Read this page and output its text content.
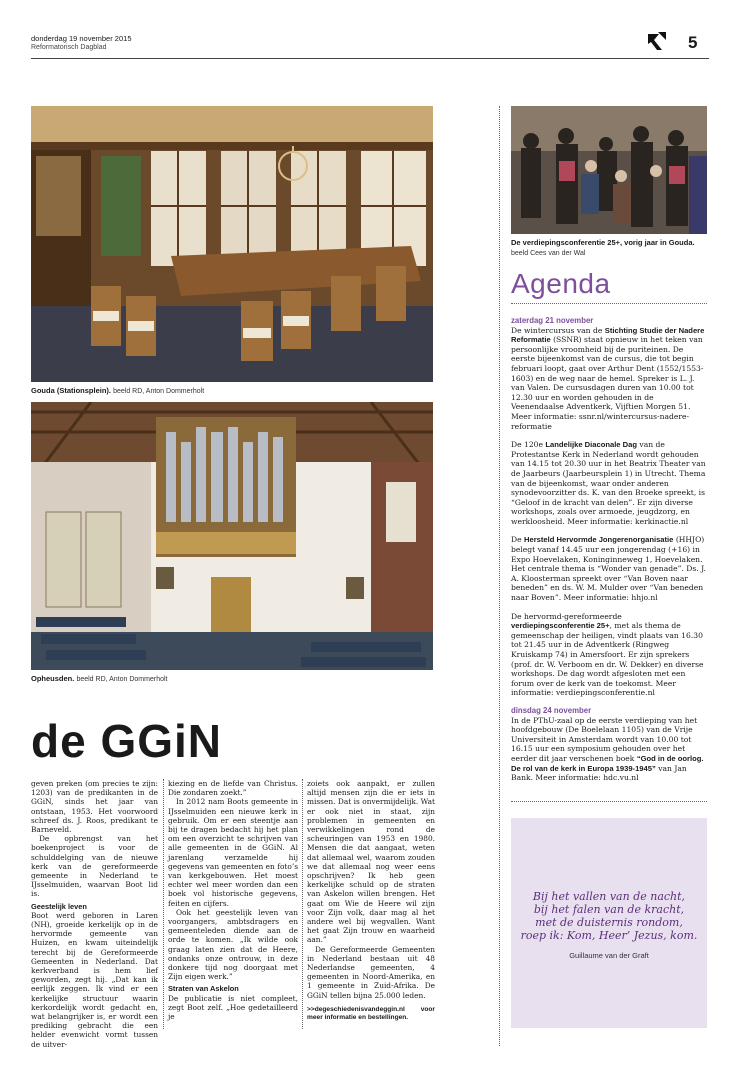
donderdag 19 november 2015
Reformatorisch Dagblad	5
Gouda (Stationsplein). beeld RD, Anton Dommerholt
Opheusden. beeld RD, Anton Dommerholt
de GGiN

geven preken (om precies te zijn: 1203) van de predikanten in de GGiN, sinds het jaar van ontstaan, 1953. Het voorwoord schreef ds. J. Roos, predikant te Barneveld.

De opbrengst van het boekenproject is voor de schulddelging van de nieuwe kerk van de gereformeerde gemeente in Nederland te IJsselmuiden, waarvan Boot lid is.

Geestelijk leven

Boot werd geboren in Laren (NH), groeide kerkelijk op in de hervormde gemeente van Huizen, en kwam uiteindelijk terecht bij de Gereformeerde Gemeenten in Nederland. Dat kerkverband is hem lief geworden, zegt hij. „Dat kan ik eerlijk zeggen. Ik vind er een kerkelijke structuur waarin kerkordelijk wordt gedacht en, wat belangrijker is, er wordt een prediking gebracht die een helder evenwicht vormt tussen de uitver-

kiezing en de liefde van Christus. Die zondaren zoekt.”

In 2012 nam Boots gemeente in IJsselmuiden een nieuwe kerk in gebruik. Om er een steentje aan bij te dragen bedacht hij het plan om een overzicht te schrijven van alle gemeenten in de GGiN. Al jarenlang verzamelde hij gegevens van gemeenten en foto’s van kerkgebouwen. Het moest echter wel meer worden dan een boek vol historische gegevens, feiten en cijfers.

Ook het geestelijk leven van voorgangers, ambtsdragers en gemeenteleden diende aan de orde te komen. „Ik wilde ook graag laten zien dat de Heere, ondanks onze ontrouw, in deze donkere tijd nog doorgaat met Zijn eigen werk.”

Straten van Askelon

De publicatie is niet compleet, zegt Boot zelf. „Hoe gedetailleerd je

zoiets ook aanpakt, er zullen altijd mensen zijn die er iets in missen. Dat is onvermijdelijk. Wat er ook niet in staat, zijn problemen in gemeenten en verwikkelingen rond de scheuringen van 1953 en 1980. Mensen die dat aangaat, weten dat allemaal wel, waarom zouden we dat allemaal nog weer eens opschrijven? Ik heb geen kerkelijke schuld op de straten van Askelon willen brengen. Het gaat om Wie de Heere wil zijn voor Zijn volk, daar mag al het andere wel bij wegvallen. Want het gaat Zijn trouw en waarheid aan.”

De Gereformeerde Gemeenten in Nederland bestaan uit 48 Nederlandse gemeenten, 4 gemeenten in Noord-Amerika, en 1 gemeente in Zuid-Afrika. De GGiN tellen bijna 25.000 leden.

>>degeschiedenisvandeggin.nl voor meer informatie en bestellingen.
De verdiepingsconferentie 25+, vorig jaar in Gouda. beeld Cees van der Wal
Agenda
zaterdag 21 november

De wintercursus van de Stichting Studie der Nadere Reformatie (SSNR) staat opnieuw in het teken van persoonlijke vroomheid bij de puriteinen. De eerste bijeenkomst van de cursus, die tot begin februari loopt, gaat over Arthur Dent (1552/1553-1603) en de weg naar de hemel. Spreker is L. J. van Valen. De cursusdagen duren van 10.00 tot 12.30 uur en worden gehouden in de Veenendaalse Adventkerk, Vijftien Morgen 51. Meer informatie: ssnr.nl/wintercursus-nadere-reformatie

De 120e Landelijke Diaconale Dag van de Protestantse Kerk in Nederland wordt gehouden van 14.15 tot 20.30 uur in het Beatrix Theater van de Jaarbeurs (Jaarbeursplein 1) in Utrecht. Thema van de bijeenkomst, waar onder anderen synodevoorzitter ds. K. van den Broeke spreekt, is “Geloof in de kracht van delen”. Er zijn diverse workshops, zoals over armoede, jeugdzorg, en werkloosheid. Meer informatie: kerkinactie.nl

De Hersteld Hervormde Jongerenorganisatie (HHJO) belegt vanaf 14.45 uur een jongerendag (+16) in Expo Hoevelaken, Koninginneweg 1, Hoevelaken. Het centrale thema is “Wonder van genade”. Ds. J. A. Kloosterman spreekt over “Van Boven naar beneden” en ds. W. M. Mulder over “Van beneden naar Boven”. Meer informatie: hhjo.nl

De hervormd-gereformeerde verdiepingsconferentie 25+, met als thema de gemeenschap der heiligen, vindt plaats van 16.30 tot 21.45 uur in de Adventkerk (Ringweg Kruiskamp 74) in Amersfoort. Er zijn sprekers (prof. dr. W. Verboom en dr. W. Dekker) en diverse workshops. De dag wordt afgesloten met een forum over de kerk van de toekomst. Meer informatie: verdiepingsconferentie.nl

dinsdag 24 november

In de PThU-zaal op de eerste verdieping van het hoofdgebouw (De Boelelaan 1105) van de Vrije Universiteit in Amsterdam wordt van 10.00 tot 16.15 uur een symposium gehouden over het eerder dit jaar verschenen boek “God in de oorlog. De rol van de kerk in Europa 1939-1945” van Jan Bank. Meer informatie: hdc.vu.nl

Bij het vallen van de nacht,
bij het falen van de kracht,
met de duisternis rondom,
roep ik: Kom, Heer’ Jezus, kom.
Guillaume van der Graft
